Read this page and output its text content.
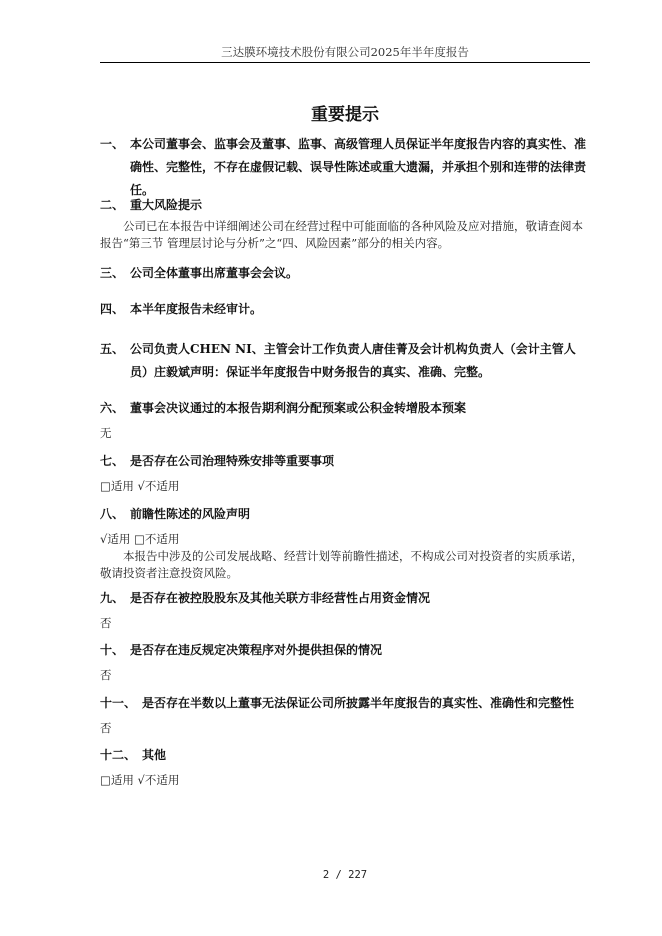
三达膜环境技术股份有限公司2025年半年度报告
重要提示
一、 本公司董事会、监事会及董事、监事、高级管理人员保证半年度报告内容的真实性、准确性、完整性，不存在虚假记载、误导性陈述或重大遗漏，并承担个别和连带的法律责任。
二、 重大风险提示
公司已在本报告中详细阐述公司在经营过程中可能面临的各种风险及应对措施，敬请查阅本报告“第三节 管理层讨论与分析”之“四、风险因素”部分的相关内容。
三、 公司全体董事出席董事会会议。
四、 本半年度报告未经审计。
五、 公司负责人CHEN NI、主管会计工作负责人唐佳菁及会计机构负责人（会计主管人员）庄毅斌声明：保证半年度报告中财务报告的真实、准确、完整。
六、 董事会决议通过的本报告期利润分配预案或公积金转增股本预案
无
七、 是否存在公司治理特殊安排等重要事项
□适用 √不适用
八、 前瞻性陈述的风险声明
√适用 □不适用
本报告中涉及的公司发展战略、经营计划等前瞻性描述，不构成公司对投资者的实质承诺，敬请投资者注意投资风险。
九、 是否存在被控股股东及其他关联方非经营性占用资金情况
否
十、 是否存在违反规定决策程序对外提供担保的情况
否
十一、 是否存在半数以上董事无法保证公司所披露半年度报告的真实性、准确性和完整性
否
十二、 其他
□适用 √不适用
2 / 227
